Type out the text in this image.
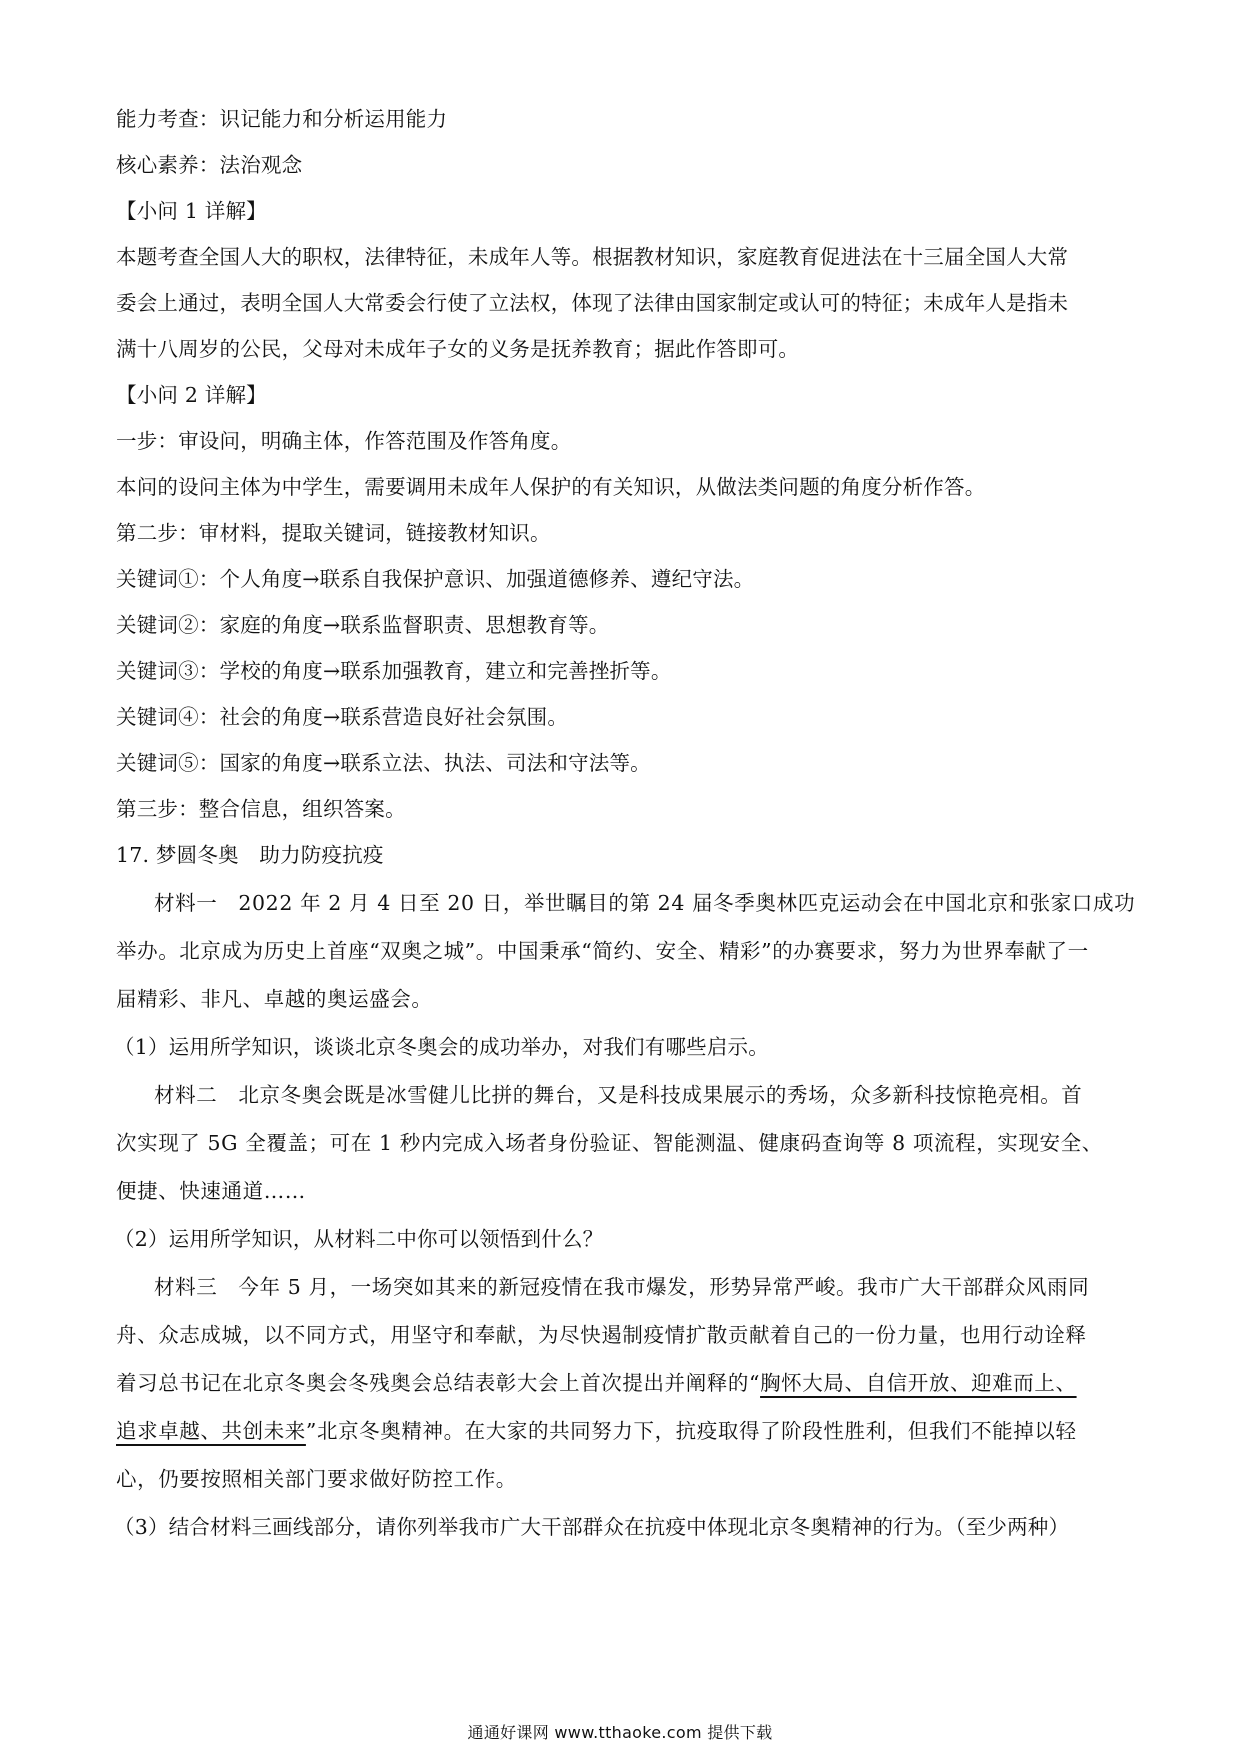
能力考查：识记能力和分析运用能力
核心素养：法治观念
【小问 1 详解】
本题考查全国人大的职权，法律特征，未成年人等。根据教材知识，家庭教育促进法在十三届全国人大常
委会上通过，表明全国人大常委会行使了立法权，体现了法律由国家制定或认可的特征；未成年人是指未
满十八周岁的公民，父母对未成年子女的义务是抚养教育；据此作答即可。
【小问 2 详解】
一步：审设问，明确主体，作答范围及作答角度。
本问的设问主体为中学生，需要调用未成年人保护的有关知识，从做法类问题的角度分析作答。
第二步：审材料，提取关键词，链接教材知识。
关键词①：个人角度→联系自我保护意识、加强道德修养、遵纪守法。
关键词②：家庭的角度→联系监督职责、思想教育等。
关键词③：学校的角度→联系加强教育，建立和完善挫折等。
关键词④：社会的角度→联系营造良好社会氛围。
关键词⑤：国家的角度→联系立法、执法、司法和守法等。
第三步：整合信息，组织答案。
17. 梦圆冬奥　助力防疫抗疫
材料一　2022 年 2 月 4 日至 20 日，举世瞩目的第 24 届冬季奥林匹克运动会在中国北京和张家口成功
举办。北京成为历史上首座“双奥之城”。中国秉承“简约、安全、精彩”的办赛要求，努力为世界奉献了一
届精彩、非凡、卓越的奥运盛会。
（1）运用所学知识，谈谈北京冬奥会的成功举办，对我们有哪些启示。
材料二　北京冬奥会既是冰雪健儿比拼的舞台，又是科技成果展示的秀场，众多新科技惊艳亮相。首
次实现了 5G 全覆盖；可在 1 秒内完成入场者身份验证、智能测温、健康码查询等 8 项流程，实现安全、
便捷、快速通道……
（2）运用所学知识，从材料二中你可以领悟到什么？
材料三　今年 5 月，一场突如其来的新冠疫情在我市爆发，形势异常严峻。我市广大干部群众风雨同
舟、众志成城，以不同方式，用坚守和奉献，为尽快遏制疫情扩散贡献着自己的一份力量，也用行动诠释
着习总书记在北京冬奥会冬残奥会总结表彰大会上首次提出并阐释的“胸怀大局、自信开放、迎难而上、
追求卓越、共创未来”北京冬奥精神。在大家的共同努力下，抗疫取得了阶段性胜利，但我们不能掉以轻
心，仍要按照相关部门要求做好防控工作。
（3）结合材料三画线部分，请你列举我市广大干部群众在抗疫中体现北京冬奥精神的行为。（至少两种）
通通好课网 www.tthaoke.com 提供下载
